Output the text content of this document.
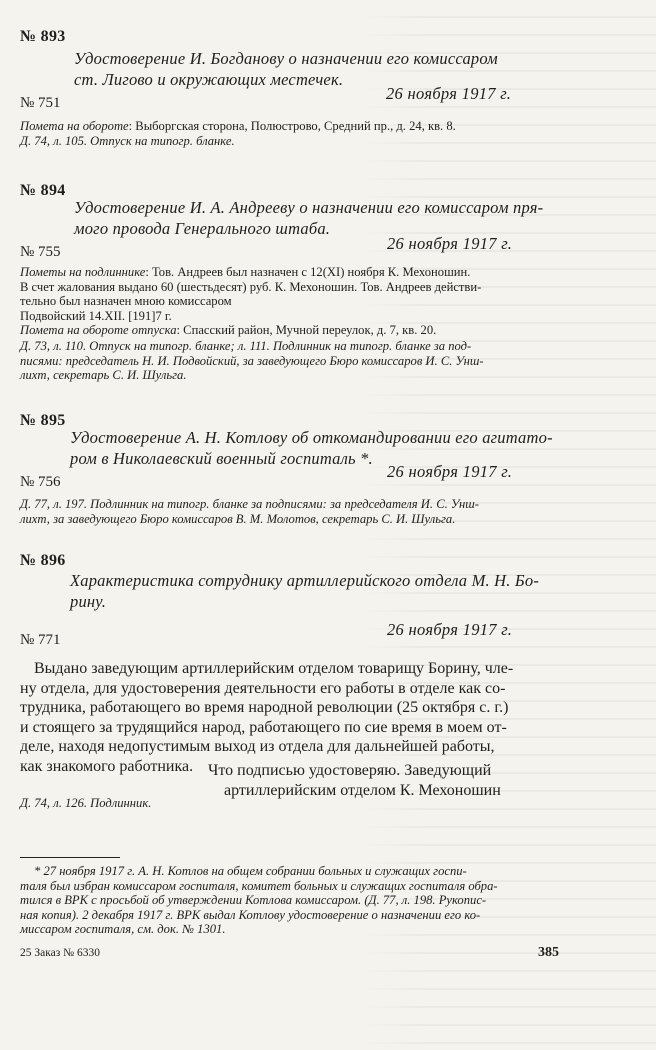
№ 893
Удостоверение И. Богданову о назначении его комиссаром
ст. Лигово и окружающих местечек.
26 ноября 1917 г.
№ 751
Помета на обороте: Выборгская сторона, Полюстрово, Средний пр., д. 24, кв. 8.
Д. 74, л. 105. Отпуск на типогр. бланке.
№ 894
Удостоверение И. А. Андрееву о назначении его комиссаром пря-
мого провода Генерального штаба.
26 ноября 1917 г.
№ 755
Пометы на подлиннике: Тов. Андреев был назначен с 12(XI) ноября К. Мехоношин.
В счет жалования выдано 60 (шестьдесят) руб. К. Мехоношин. Тов. Андреев действи-
тельно был назначен мною комиссаром
Подвойский 14.XII. [191]7 г.
Помета на обороте отпуска: Спасский район, Мучной переулок, д. 7, кв. 20.
Д. 73, л. 110. Отпуск на типогр. бланке; л. 111. Подлинник на типогр. бланке за под-
писями: председатель Н. И. Подвойский, за заведующего Бюро комиссаров И. С. Унш-
лихт, секретарь С. И. Шульга.
№ 895
Удостоверение А. Н. Котлову об откомандировании его агитато-
ром в Николаевский военный госпиталь *.
26 ноября 1917 г.
№ 756
Д. 77, л. 197. Подлинник на типогр. бланке за подписями: за председателя И. С. Унш-
лихт, за заведующего Бюро комиссаров В. М. Молотов, секретарь С. И. Шульга.
№ 896
Характеристика сотруднику артиллерийского отдела М. Н. Бо-
рину.
26 ноября 1917 г.
№ 771
Выдано заведующим артиллерийским отделом товарищу Борину, чле-
ну отдела, для удостоверения деятельности его работы в отделе как со-
трудника, работающего во время народной революции (25 октября с. г.)
и стоящего за трудящийся народ, работающего по сие время в моем от-
деле, находя недопустимым выход из отдела для дальнейшей работы,
как знакомого работника. Что подписью удостоверяю. Заведующий
артиллерийским отделом К. Мехоношин
Д. 74, л. 126. Подлинник.
* 27 ноября 1917 г. А. Н. Котлов на общем собрании больных и служащих госпи-
таля был избран комиссаром госпиталя, комитет больных и служащих госпиталя обра-
тился в ВРК с просьбой об утверждении Котлова комиссаром. (Д. 77, л. 198. Рукопис-
ная копия). 2 декабря 1917 г. ВРК выдал Котлову удостоверение о назначении его ко-
миссаром госпиталя, см. док. № 1301.
25 Заказ № 6330	385
